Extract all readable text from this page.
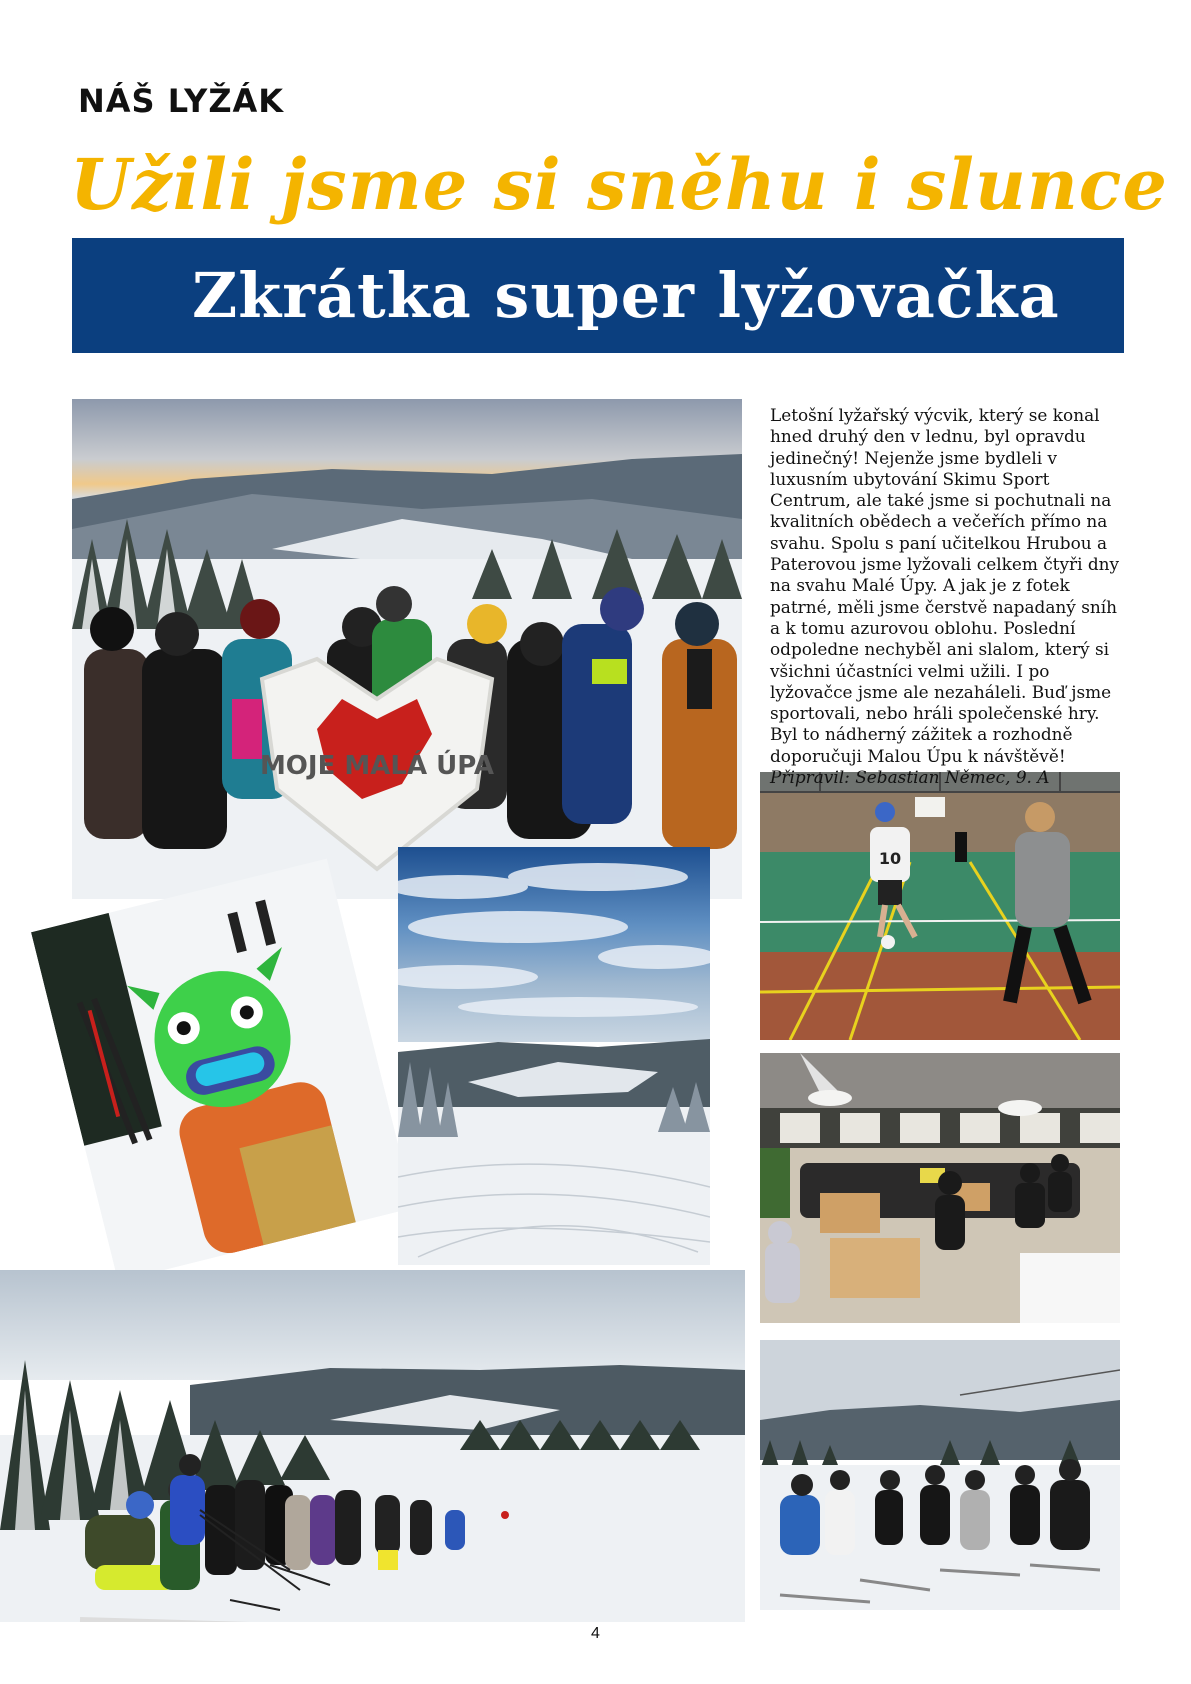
NÁŠ LYŽÁK
Užili jsme si sněhu i slunce
Zkrátka super lyžovačka
MOJE MALÁ ÚPA
10

Letošní lyžařský výcvik, který se konal hned druhý den v lednu, byl opravdu jedinečný! Nejenže jsme bydleli v luxusním ubytování Skimu Sport Centrum, ale také jsme si pochutnali na kvalitních obědech a večeřích přímo na svahu. Spolu s paní učitelkou Hrubou a Paterovou jsme lyžovali celkem čtyři dny na svahu Malé Úpy. A jak je z fotek patrné, měli jsme čerstvě napadaný sníh a k tomu azurovou oblohu. Poslední odpoledne nechyběl ani slalom, který si všichni účastníci velmi užili. I po lyžovačce jsme ale nezaháleli. Buď jsme sportovali, nebo hráli společenské hry. Byl to nádherný zážitek a rozhodně doporučuji Malou Úpu k návštěvě!

Připravil: Sebastian Němec, 9. A

4
